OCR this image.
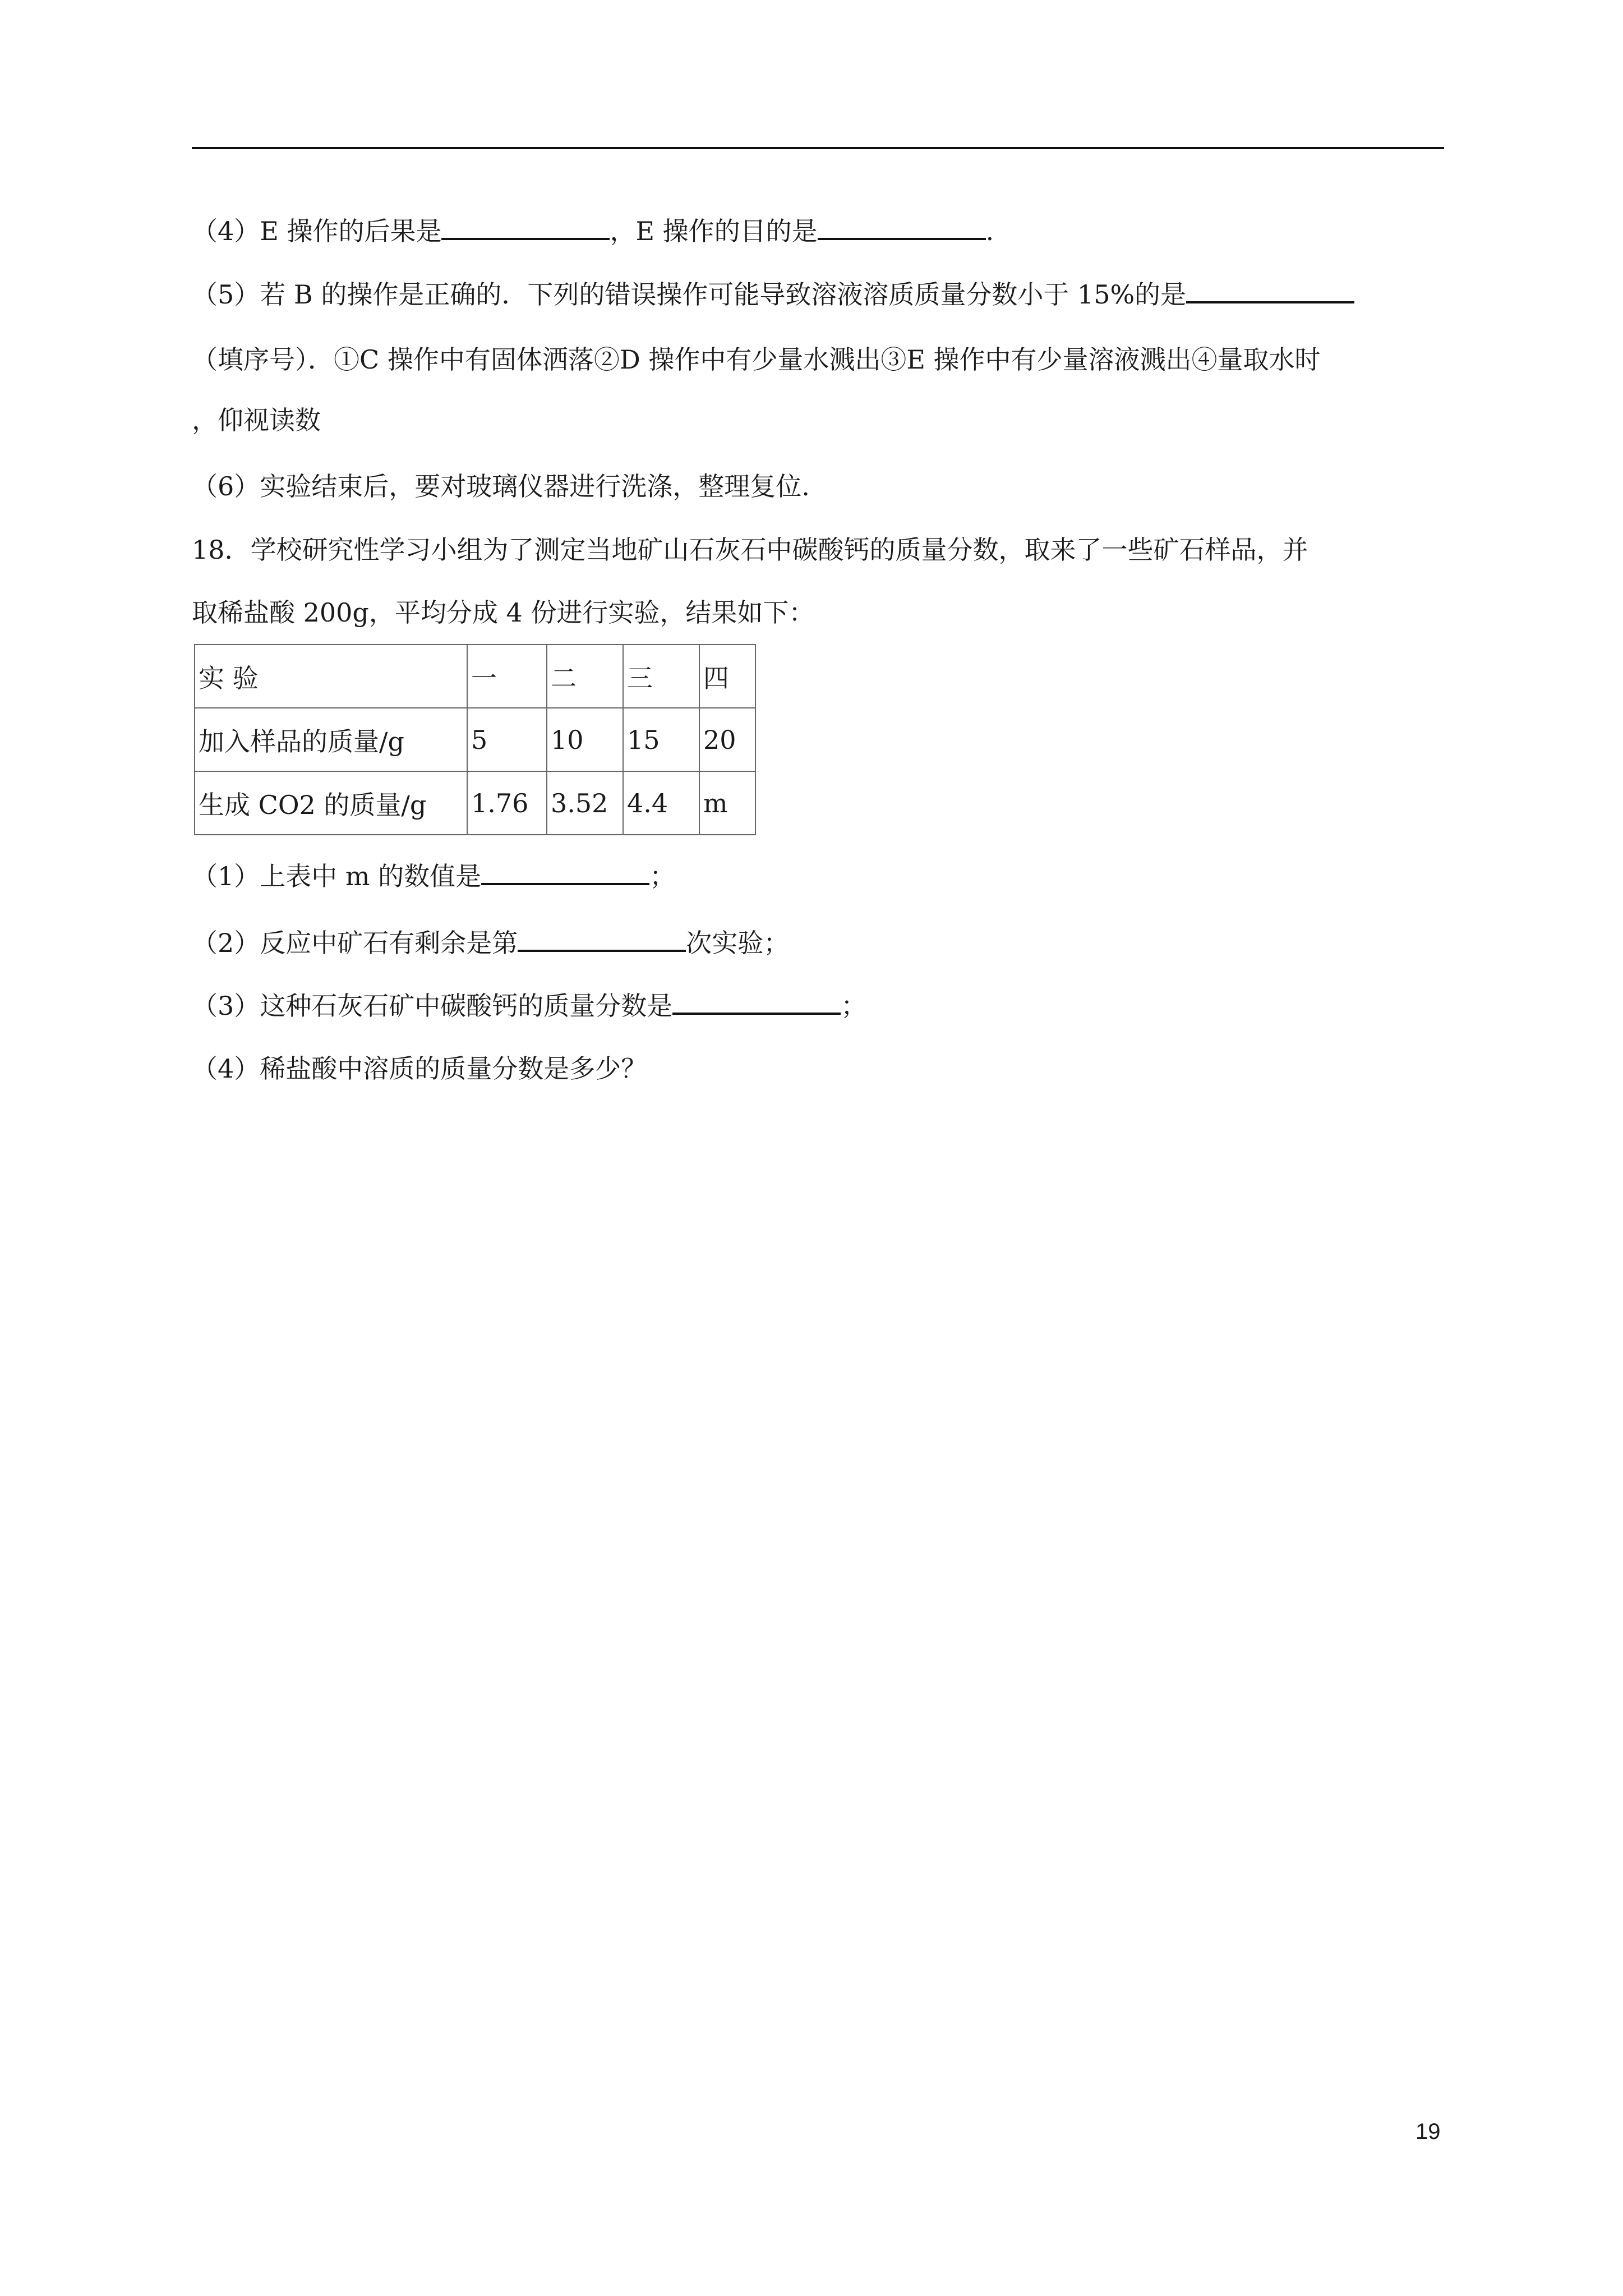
（4）E 操作的后果是	，E 操作的目的是	.
（5）若 B 的操作是正确的．下列的错误操作可能导致溶液溶质质量分数小于 15%的是
（填序号）．①C 操作中有固体洒落②D 操作中有少量水溅出③E 操作中有少量溶液溅出④量取水时
，仰视读数
（6）实验结束后，要对玻璃仪器进行洗涤，整理复位.
18．学校研究性学习小组为了测定当地矿山石灰石中碳酸钙的质量分数，取来了一些矿石样品，并
取稀盐酸 200g，平均分成 4 份进行实验，结果如下：
实 验	一	二	三	四
加入样品的质量/g	5	10	15	20
生成 CO2 的质量/g	1.76	3.52	4.4	m
（1）上表中 m 的数值是	；
（2）反应中矿石有剩余是第	次实验；
（3）这种石灰石矿中碳酸钙的质量分数是	；
（4）稀盐酸中溶质的质量分数是多少？
19
